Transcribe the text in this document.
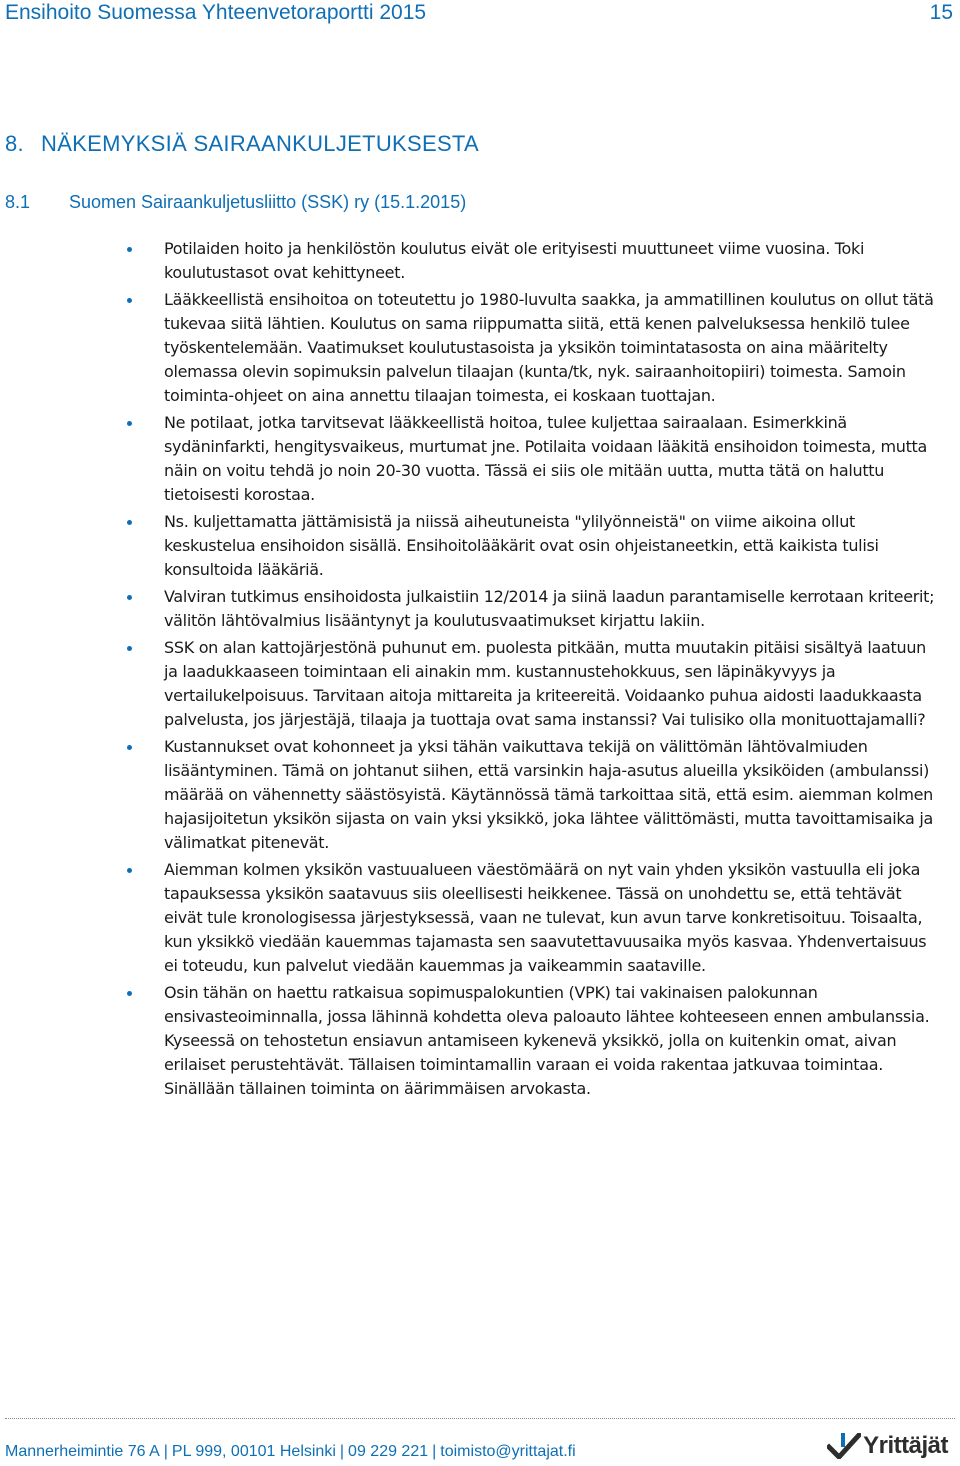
Ensihoito Suomessa Yhteenvetoraportti 2015	15
8. NÄKEMYKSIÄ SAIRAANKULJETUKSESTA
8.1 Suomen Sairaankuljetusliitto (SSK) ry (15.1.2015)
Potilaiden hoito ja henkilöstön koulutus eivät ole erityisesti muuttuneet viime vuosina. Toki koulutustasot ovat kehittyneet.
Lääkkeellistä ensihoitoa on toteutettu jo 1980-luvulta saakka, ja ammatillinen koulutus on ollut tätä tukevaa siitä lähtien. Koulutus on sama riippumatta siitä, että kenen palveluksessa henkilö tulee työskentelemään. Vaatimukset koulutustasoista ja yksikön toimintatasosta on aina määritelty olemassa olevin sopimuksin palvelun tilaajan (kunta/tk, nyk. sairaanhoitopiiri) toimesta. Samoin toiminta-ohjeet on aina annettu tilaajan toimesta, ei koskaan tuottajan.
Ne potilaat, jotka tarvitsevat lääkkeellistä hoitoa, tulee kuljettaa sairaalaan. Esimerkkinä sydäninfarkti, hengitysvaikeus, murtumat jne. Potilaita voidaan lääkitä ensihoidon toimesta, mutta näin on voitu tehdä jo noin 20-30 vuotta. Tässä ei siis ole mitään uutta, mutta tätä on haluttu tietoisesti korostaa.
Ns. kuljettamatta jättämisistä ja niissä aiheutuneista "ylilyönneistä" on viime aikoina ollut keskustelua ensihoidon sisällä. Ensihoitolääkärit ovat osin ohjeistaneetkin, että kaikista tulisi konsultoida lääkäriä.
Valviran tutkimus ensihoidosta julkaistiin 12/2014 ja siinä laadun parantamiselle kerrotaan kriteerit; välitön lähtövalmius lisääntynyt ja koulutusvaatimukset kirjattu lakiin.
SSK on alan kattojärjestönä puhunut em. puolesta pitkään, mutta muutakin pitäisi sisältyä laatuun ja laadukkaaseen toimintaan eli ainakin mm. kustannustehokkuus, sen läpinäkyvyys ja vertailukelpoisuus. Tarvitaan aitoja mittareita ja kriteereitä. Voidaanko puhua aidosti laadukkaasta palvelusta, jos järjestäjä, tilaaja ja tuottaja ovat sama instanssi? Vai tulisiko olla monituottajamalli?
Kustannukset ovat kohonneet ja yksi tähän vaikuttava tekijä on välittömän lähtövalmiuden lisääntyminen. Tämä on johtanut siihen, että varsinkin haja-asutus alueilla yksiköiden (ambulanssi) määrää on vähennetty säästösyistä. Käytännössä tämä tarkoittaa sitä, että esim. aiemman kolmen hajasijoitetun yksikön sijasta on vain yksi yksikkö, joka lähtee välittömästi, mutta tavoittamisaika ja välimatkat pitenevät.
Aiemman kolmen yksikön vastuualueen väestömäärä on nyt vain yhden yksikön vastuulla eli joka tapauksessa yksikön saatavuus siis oleellisesti heikkenee. Tässä on unohdettu se, että tehtävät eivät tule kronologisessa järjestyksessä, vaan ne tulevat, kun avun tarve konkretisoituu. Toisaalta, kun yksikkö viedään kauemmas tajamasta sen saavutettavuusaika myös kasvaa. Yhdenvertaisuus ei toteudu, kun palvelut viedään kauemmas ja vaikeammin saataville.
Osin tähän on haettu ratkaisua sopimuspalokuntien (VPK) tai vakinaisen palokunnan ensivasteoiminnalla, jossa lähinnä kohdetta oleva paloauto lähtee kohteeseen ennen ambulanssia. Kyseessä on tehostetun ensiavun antamiseen kykenevä yksikkö, jolla on kuitenkin omat, aivan erilaiset perustehtävät. Tällaisen toimintamallin varaan ei voida rakentaa jatkuvaa toimintaa. Sinällään tällainen toiminta on äärimmäisen arvokasta.
Mannerheimintie 76 A | PL 999, 00101 Helsinki | 09 229 221 | toimisto@yrittajat.fi	Yrittäjät
